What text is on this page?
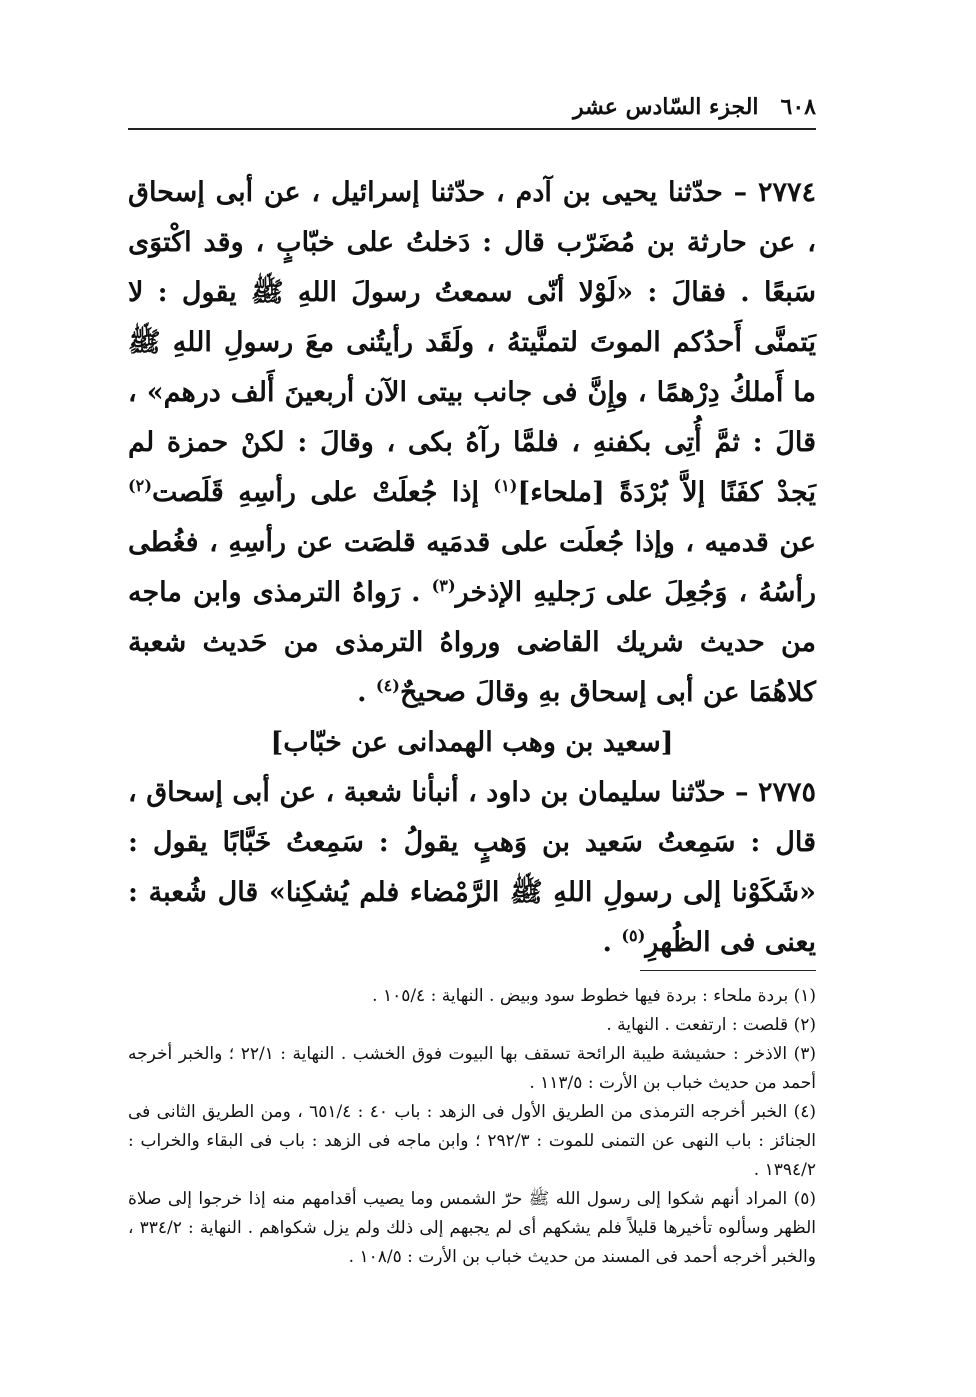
٦٠٨
الجزء السّادس عشر

٢٧٧٤ – حدّثنا يحيى بن آدم ، حدّثنا إسرائيل ، عن أبى إسحاق ، عن حارثة بن مُضَرّب قال : دَخلتُ على خبّابٍ ، وقد اكْتوَى سَبعًا . فقالَ : «لَوْلا أنّى سمعتُ رسولَ اللهِ ﷺ يقول : لا يَتمنَّى أَحدُكم الموتَ لتمنَّيتهُ ، ولَقَد رأيتُنى معَ رسولِ اللهِ ﷺ ما أَملكُ دِرْهمًا ، وإِنَّ فى جانب بيتى الآن أربعينَ أَلف درهم» ، قالَ : ثمَّ أُتِى بكفنهِ ، فلمَّا رآهُ بكى ، وقالَ : لكنْ حمزة لم يَجدْ كفَنًا إلاَّ بُرْدَةً [ملحاء]$^{(١)}$ إذا جُعلَتْ على رأسِهِ قَلَصت$^{(٢)}$ عن قدميه ، وإذا جُعلَت على قدمَيه قلصَت عن رأسِهِ ، فغُطى رأسُهُ ، وَجُعِلَ على رَجليهِ الإذخر$^{(٣)}$ . رَواهُ الترمذى وابن ماجه من حديث شريك القاضى ورواهُ الترمذى من حَديث شعبة كلاهُمَا عن أبى إسحاق بهِ وقالَ صحيحٌ$^{(٤)}$ .

[سعيد بن وهب الهمدانى عن خبّاب]

٢٧٧٥ – حدّثنا سليمان بن داود ، أنبأنا شعبة ، عن أبى إسحاق ، قال : سَمِعتُ سَعيد بن وَهبٍ يقولُ : سَمِعتُ خَبَّابًا يقول : «شَكَوْنا إلى رسولِ اللهِ ﷺ الرَّمْضاء فلم يُشكِنا» قال شُعبة : يعنى فى الظُهرِ$^{(٥)}$ .

(١) بردة ملحاء : بردة فيها خطوط سود وبيض . النهاية : ١٠٥/٤ .

(٢) قلصت : ارتفعت . النهاية .

(٣) الاذخر : حشيشة طيبة الرائحة تسقف بها البيوت فوق الخشب . النهاية : ٢٢/١ ؛ والخبر أخرجه أحمد من حديث خباب بن الأرت : ١١٣/٥ .

(٤) الخبر أخرجه الترمذى من الطريق الأول فى الزهد : باب ٤٠ : ٦٥١/٤ ، ومن الطريق الثانى فى الجنائز : باب النهى عن التمنى للموت : ٢٩٢/٣ ؛ وابن ماجه فى الزهد : باب فى البقاء والخراب : ١٣٩٤/٢ .

(٥) المراد أنهم شكوا إلى رسول الله ﷺ حرّ الشمس وما يصيب أقدامهم منه إذا خرجوا إلى صلاة الظهر وسألوه تأخيرها قليلاً فلم يشكهم أى لم يجبهم إلى ذلك ولم يزل شكواهم . النهاية : ٣٣٤/٢ ، والخبر أخرجه أحمد فى المسند من حديث خباب بن الأرت : ١٠٨/٥ .
